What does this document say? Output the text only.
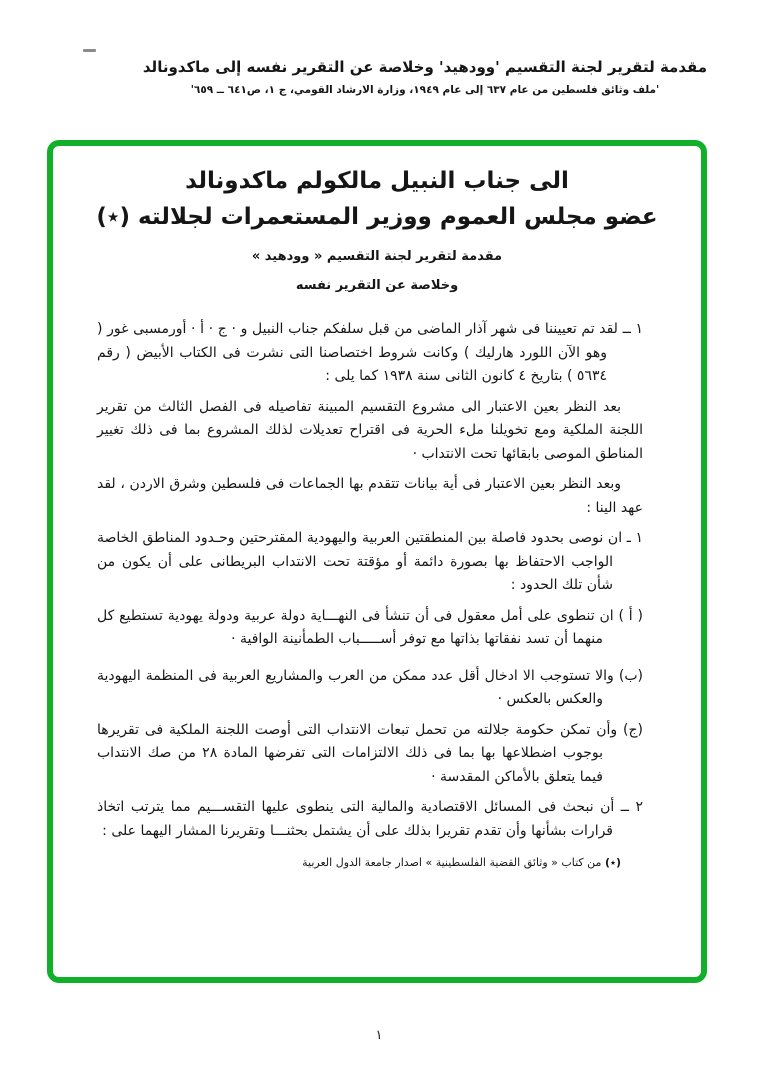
مقدمة لتقرير لجنة التقسيم 'وودهيد' وخلاصة عن التقرير نفسه إلى ماكدونالد
'ملف وثائق فلسطين من عام ٦٣٧ إلى عام ١٩٤٩، وزارة الارشاد القومي، ج ١، ص٦٤١ ــ ٦٥٩'
الى جناب النبيل مالكولم ماكدونالد
عضو مجلس العموم ووزير المستعمرات لجلالته (٭)
مقدمة لتقرير لجنة التقسيم « وودهيد »
وخلاصة عن التقرير نفسه

١ ــ لقد تم تعييننا فى شهر آذار الماضى من قبل سلفكم جناب النبيل و · ج · أ · أورمسبى غور ( وهو الآن اللورد هارليك ) وكانت شروط اختصاصنا التى نشرت فى الكتاب الأبيض ( رقم ٥٦٣٤ ) بتاريخ ٤ كانون الثانى سنة ١٩٣٨ كما يلى :

بعد النظر بعين الاعتبار الى مشروع التقسيم المبينة تفاصيله فى الفصل الثالث من تقرير اللجنة الملكية ومع تخويلنا ملء الحرية فى اقتراح تعديلات لذلك المشروع بما فى ذلك تغيير المناطق الموصى بابقائها تحت الانتداب ·

وبعد النظر بعين الاعتبار فى أية بيانات تتقدم بها الجماعات فى فلسطين وشرق الاردن ، لقد عهد الينا :

١ ـ ان نوصى بحدود فاصلة بين المنطقتين العربية واليهودية المقترحتين وحـدود المناطق الخاصة الواجب الاحتفاظ بها بصورة دائمة أو مؤقتة تحت الانتداب البريطانى على أن يكون من شأن تلك الحدود :

( أ ) ان تنطوى على أمل معقول فى أن تنشأ فى النهـــاية دولة عربية ودولة يهودية تستطيع كل منهما أن تسد نفقاتها بذاتها مع توفر أســـــباب الطمأنينة الوافية ·

(ب) والا تستوجب الا ادخال أقل عدد ممكن من العرب والمشاريع العربية فى المنظمة اليهودية والعكس بالعكس ·

(ج) وأن تمكن حكومة جلالته من تحمل تبعات الانتداب التى أوصت اللجنة الملكية فى تقريرها بوجوب اضطلاعها بها بما فى ذلك الالتزامات التى تفرضها المادة ٢٨ من صك الانتداب فيما يتعلق بالأماكن المقدسة ·

٢ ــ أن نبحث فى المسائل الاقتصادية والمالية التى ينطوى عليها التقســـيم مما يترتب اتخاذ قرارات بشأنها وأن تقدم تقريرا بذلك على أن يشتمل بحثنـــا وتقريرنا المشار اليهما على :

(٭) من كتاب « وثائق القضية الفلسطينية » اصدار جامعة الدول العربية
١
